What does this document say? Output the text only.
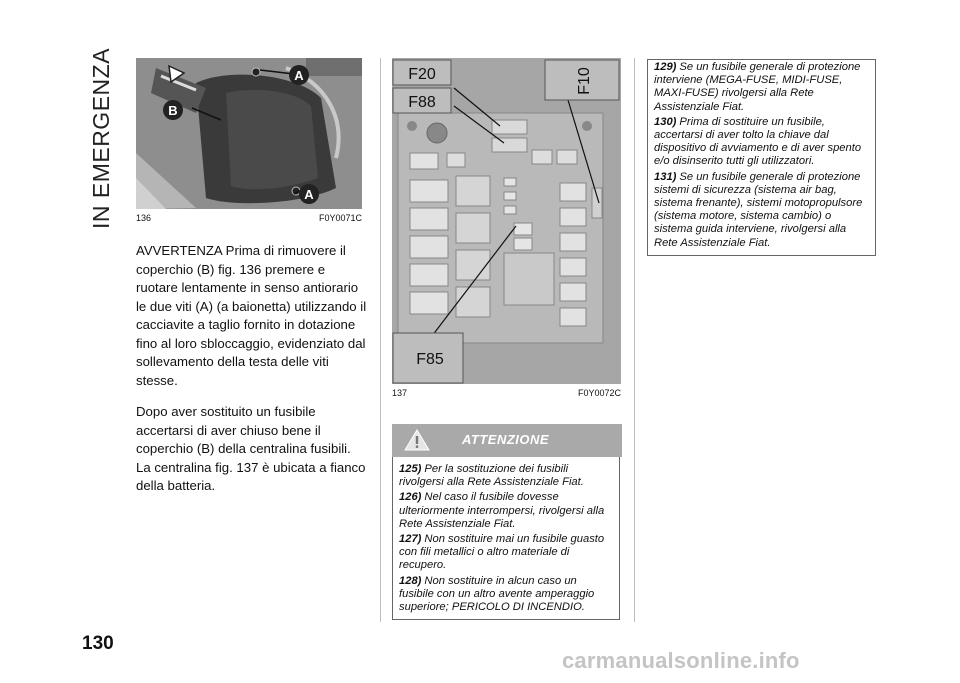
IN EMERGENZA	A
B
A
136	F0Y0071C

AVVERTENZA Prima di rimuovere il coperchio (B) fig. 136 premere e ruotare lentamente in senso antiorario le due viti (A) (a baionetta) utilizzando il cacciavite a taglio fornito in dotazione fino al loro sbloccaggio, evidenziato dal sollevamento della testa delle viti stesse.

Dopo aver sostituito un fusibile accertarsi di aver chiuso bene il coperchio (B) della centralina fusibili. La centralina fig. 137 è ubicata a fianco della batteria.

F20
F88
F10
F85
137	F0Y0072C
ATTENZIONE

125) Per la sostituzione dei fusibili rivolgersi alla Rete Assistenziale Fiat.

126) Nel caso il fusibile dovesse ulteriormente interrompersi, rivolgersi alla Rete Assistenziale Fiat.

127) Non sostituire mai un fusibile guasto con fili metallici o altro materiale di recupero.

128) Non sostituire in alcun caso un fusibile con un altro avente amperaggio superiore; PERICOLO DI INCENDIO.

129) Se un fusibile generale di protezione interviene (MEGA-FUSE, MIDI-FUSE, MAXI-FUSE) rivolgersi alla Rete Assistenziale Fiat.

130) Prima di sostituire un fusibile, accertarsi di aver tolto la chiave dal dispositivo di avviamento e di aver spento e/o disinserito tutti gli utilizzatori.

131) Se un fusibile generale di protezione sistemi di sicurezza (sistema air bag, sistema frenante), sistemi motopropulsore (sistema motore, sistema cambio) o sistema guida interviene, rivolgersi alla Rete Assistenziale Fiat.

130
carmanualsonline.info
